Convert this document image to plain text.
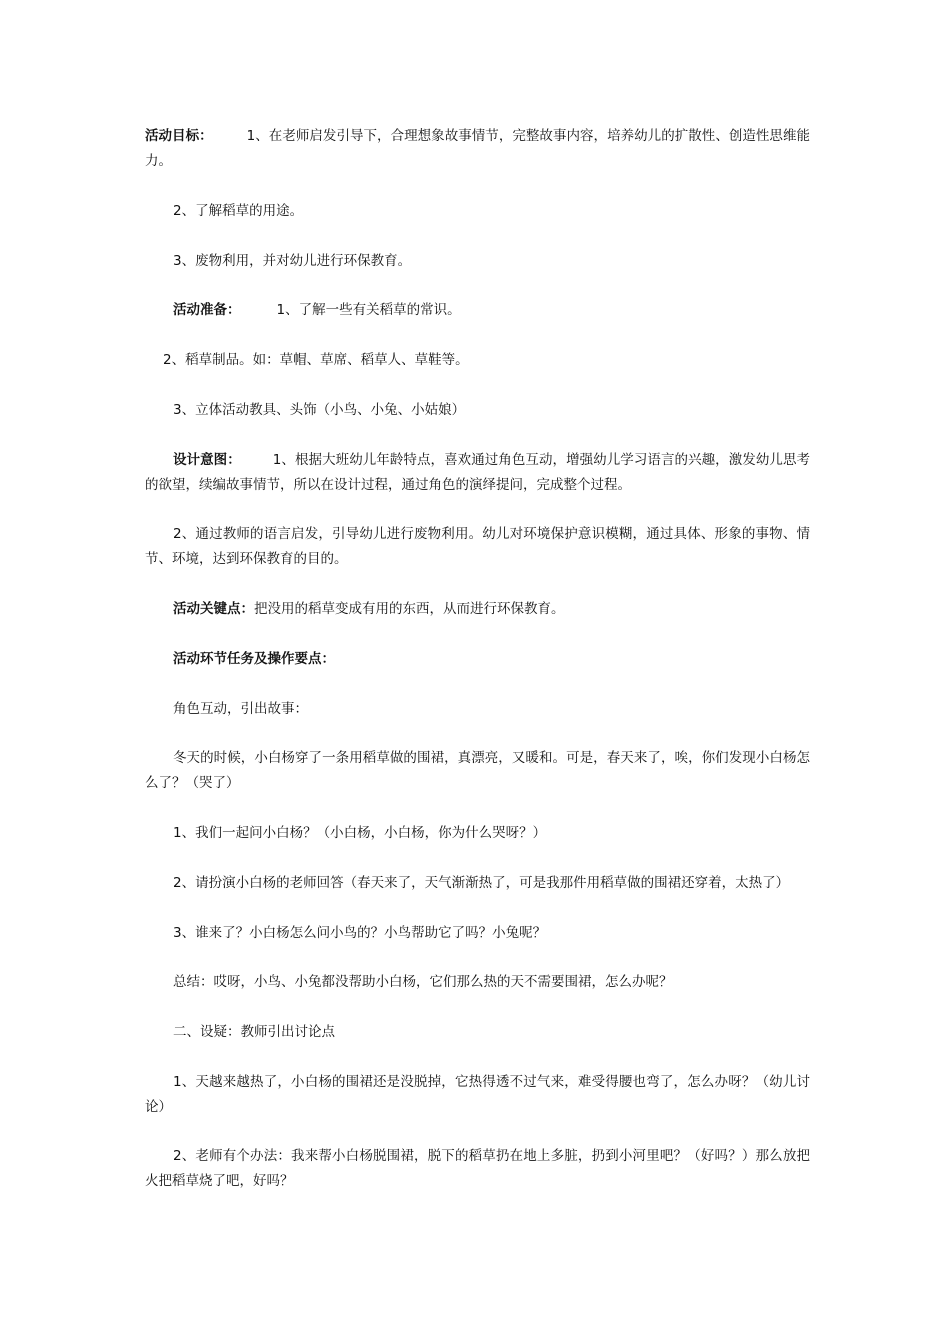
活动目标：	1、在老师启发引导下，合理想象故事情节，完整故事内容，培养幼儿的扩散性、创造性思维能力。

2、了解稻草的用途。

3、废物利用，并对幼儿进行环保教育。

活动准备：	1、了解一些有关稻草的常识。

2、稻草制品。如：草帽、草席、稻草人、草鞋等。

3、立体活动教具、头饰（小鸟、小兔、小姑娘）

设计意图： 1、根据大班幼儿年龄特点，喜欢通过角色互动，增强幼儿学习语言的兴趣，激发幼儿思考的欲望，续编故事情节，所以在设计过程，通过角色的演绎提问，完成整个过程。

2、通过教师的语言启发，引导幼儿进行废物利用。幼儿对环境保护意识模糊，通过具体、形象的事物、情节、环境，达到环保教育的目的。

活动关键点：把没用的稻草变成有用的东西，从而进行环保教育。

活动环节任务及操作要点：

角色互动，引出故事：

冬天的时候，小白杨穿了一条用稻草做的围裙，真漂亮，又暖和。可是，春天来了，唉，你们发现小白杨怎么了？（哭了）

1、我们一起问小白杨？（小白杨，小白杨，你为什么哭呀？）

2、请扮演小白杨的老师回答（春天来了，天气渐渐热了，可是我那件用稻草做的围裙还穿着，太热了）

3、谁来了？小白杨怎么问小鸟的？小鸟帮助它了吗？小兔呢？

总结：哎呀，小鸟、小兔都没帮助小白杨，它们那么热的天不需要围裙，怎么办呢？

二、设疑：教师引出讨论点

1、天越来越热了，小白杨的围裙还是没脱掉，它热得透不过气来，难受得腰也弯了，怎么办呀？（幼儿讨论）

2、老师有个办法：我来帮小白杨脱围裙，脱下的稻草扔在地上多脏，扔到小河里吧？（好吗？）那么放把火把稻草烧了吧，好吗？
